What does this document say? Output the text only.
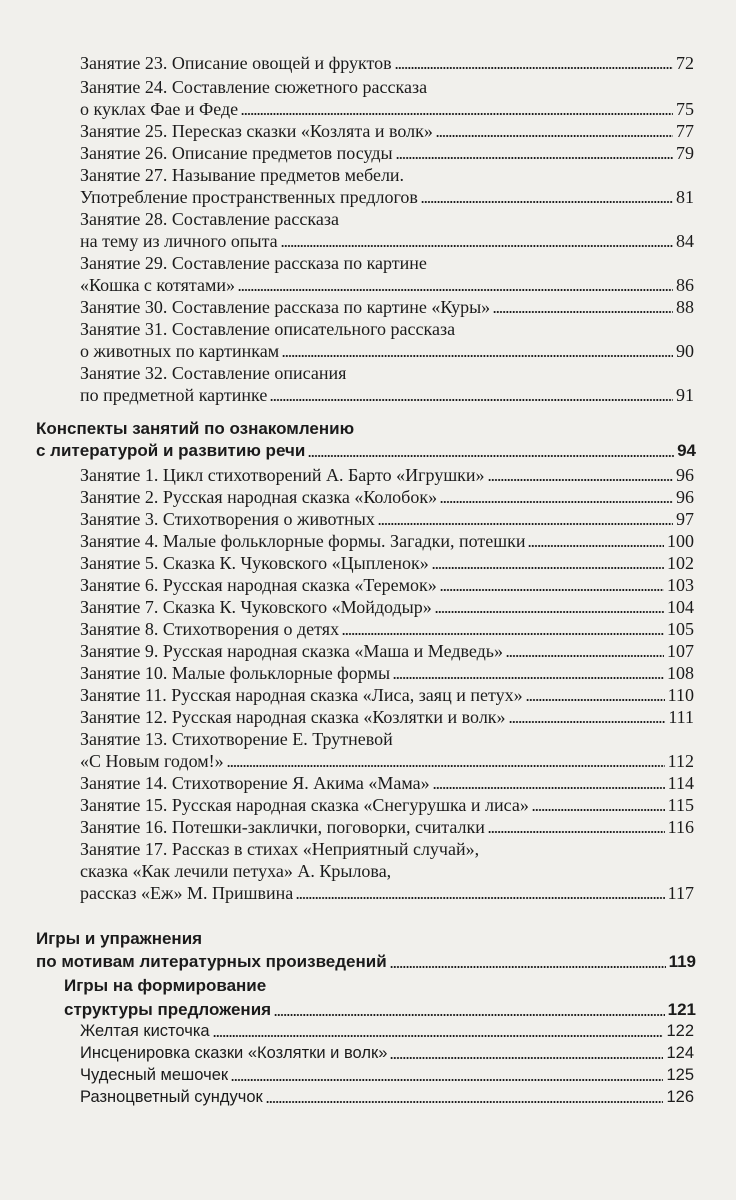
Занятие 23. Описание овощей и фруктов	72
Занятие 24. Составление сюжетного рассказа
о куклах Фае и Феде	75
Занятие 25. Пересказ сказки «Козлята и волк»	77
Занятие 26. Описание предметов посуды	79
Занятие 27. Называние предметов мебели.
Употребление пространственных предлогов	81
Занятие 28. Составление рассказа
на тему из личного опыта	84
Занятие 29. Составление рассказа по картине
«Кошка с котятами»	86
Занятие 30. Составление рассказа по картине «Куры»	88
Занятие 31. Составление описательного рассказа
о животных по картинкам	90
Занятие 32. Составление описания
по предметной картинке	91
Конспекты занятий по ознакомлению
с литературой и развитию речи	94
Занятие 1. Цикл стихотворений А. Барто «Игрушки»	96
Занятие 2. Русская народная сказка «Колобок»	96
Занятие 3. Стихотворения о животных	97
Занятие 4. Малые фольклорные формы. Загадки, потешки	100
Занятие 5. Сказка К. Чуковского «Цыпленок»	102
Занятие 6. Русская народная сказка «Теремок»	103
Занятие 7. Сказка К. Чуковского «Мойдодыр»	104
Занятие 8. Стихотворения о детях	105
Занятие 9. Русская народная сказка «Маша и Медведь»	107
Занятие 10. Малые фольклорные формы	108
Занятие 11. Русская народная сказка «Лиса, заяц и петух»	110
Занятие 12. Русская народная сказка «Козлятки и волк»	111
Занятие 13. Стихотворение Е. Трутневой
«С Новым годом!»	112
Занятие 14. Стихотворение Я. Акима «Мама»	114
Занятие 15. Русская народная сказка «Снегурушка и лиса»	115
Занятие 16. Потешки-заклички, поговорки, считалки	116
Занятие 17. Рассказ в стихах «Неприятный случай»,
сказка «Как лечили петуха» А. Крылова,
рассказ «Еж» М. Пришвина	117
Игры и упражнения
по мотивам литературных произведений	119
Игры на формирование
структуры предложения	121
Желтая кисточка	122
Инсценировка сказки «Козлятки и волк»	124
Чудесный мешочек	125
Разноцветный сундучок	126
